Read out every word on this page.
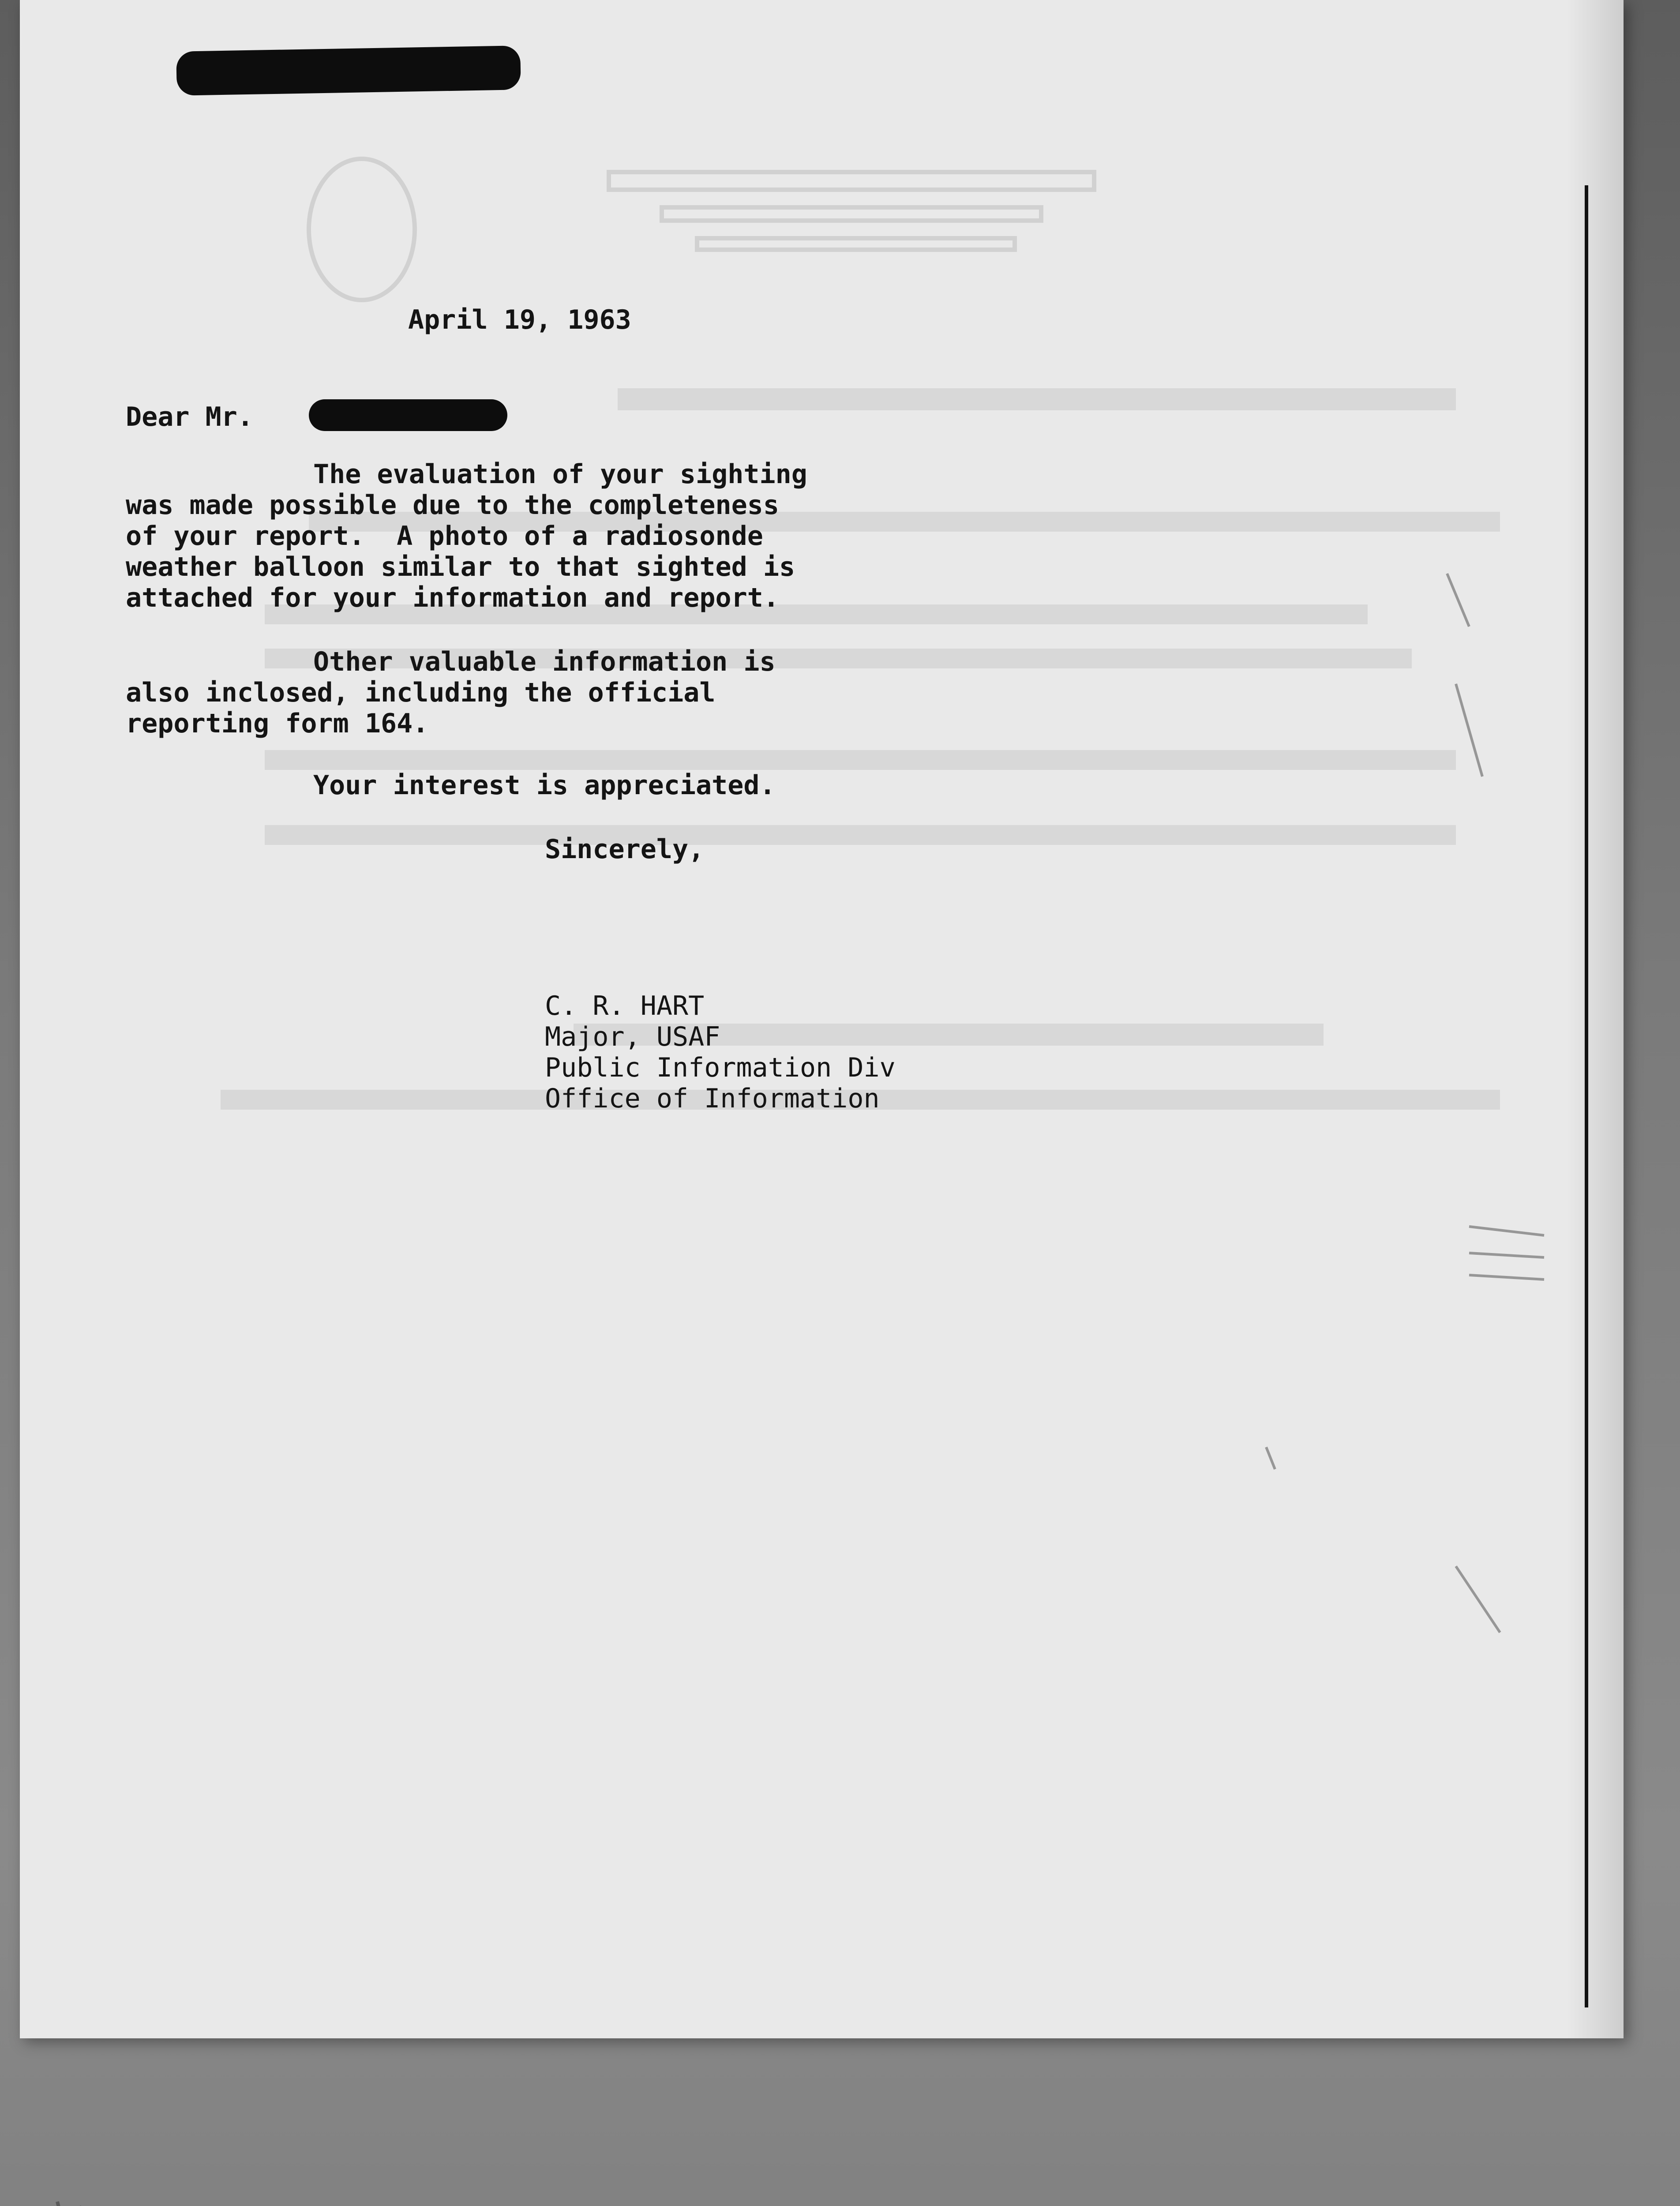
April 19, 1963
Dear Mr.
The evaluation of your sighting
was made possible due to the completeness
of your report.  A photo of a radiosonde
weather balloon similar to that sighted is
attached for your information and report.
Other valuable information is
also inclosed, including the official
reporting form 164.
Your interest is appreciated.
Sincerely,
C. R. HART
Major, USAF
Public Information Div
Office of Information
